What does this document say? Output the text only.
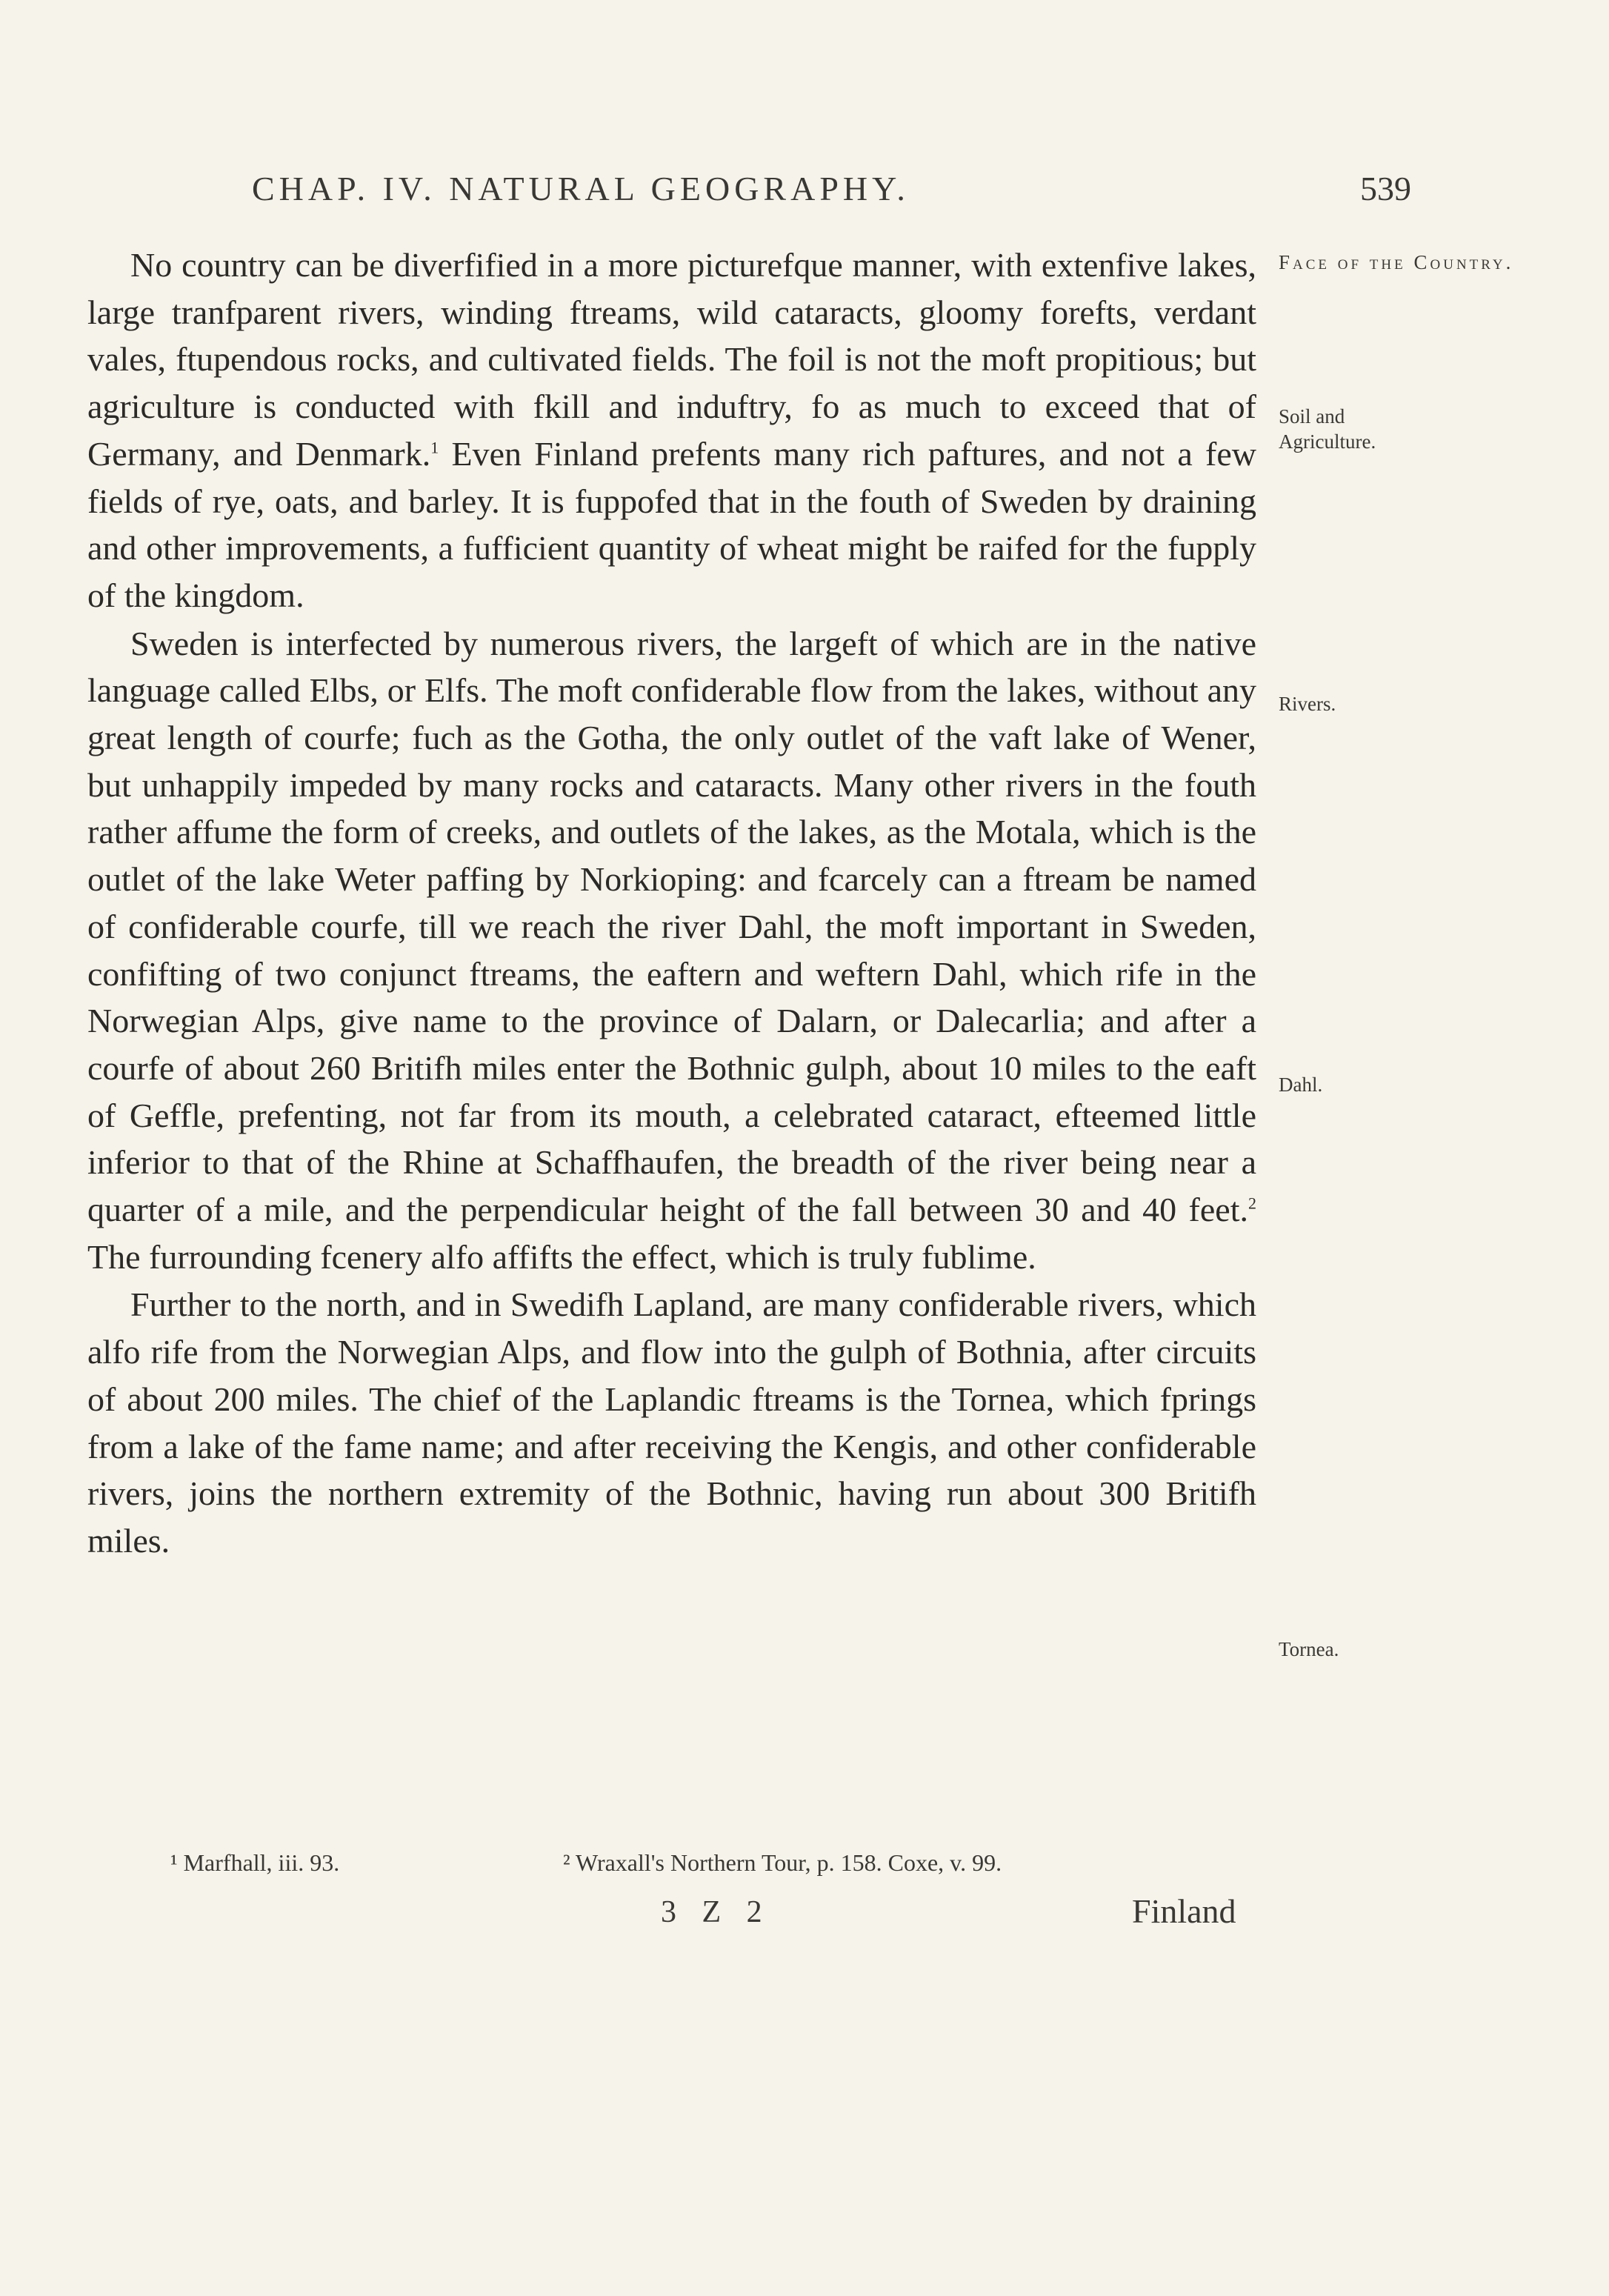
CHAP. IV. NATURAL GEOGRAPHY.	539

No country can be diverfified in a more picturefque manner, with extenfive lakes, large tranfparent rivers, winding ftreams, wild cataracts, gloomy forefts, verdant vales, ftupendous rocks, and cultivated fields. The foil is not the moft propitious; but agriculture is conducted with fkill and induftry, fo as much to exceed that of Germany, and Denmark.$^1$ Even Finland prefents many rich paftures, and not a few fields of rye, oats, and barley. It is fuppofed that in the fouth of Sweden by draining and other improvements, a fufficient quantity of wheat might be raifed for the fupply of the kingdom.

Sweden is interfected by numerous rivers, the largeft of which are in the native language called Elbs, or Elfs. The moft confiderable flow from the lakes, without any great length of courfe; fuch as the Gotha, the only outlet of the vaft lake of Wener, but unhappily impeded by many rocks and cataracts. Many other rivers in the fouth rather affume the form of creeks, and outlets of the lakes, as the Motala, which is the outlet of the lake Weter paffing by Norkioping: and fcarcely can a ftream be named of confiderable courfe, till we reach the river Dahl, the moft important in Sweden, confifting of two conjunct ftreams, the eaftern and weftern Dahl, which rife in the Norwegian Alps, give name to the province of Dalarn, or Dalecarlia; and after a courfe of about 260 Britifh miles enter the Bothnic gulph, about 10 miles to the eaft of Geffle, prefenting, not far from its mouth, a celebrated cataract, efteemed little inferior to that of the Rhine at Schaffhaufen, the breadth of the river being near a quarter of a mile, and the perpendicular height of the fall between 30 and 40 feet.$^2$ The furrounding fcenery alfo affifts the effect, which is truly fublime.

Further to the north, and in Swedifh Lapland, are many confiderable rivers, which alfo rife from the Norwegian Alps, and flow into the gulph of Bothnia, after circuits of about 200 miles. The chief of the Laplandic ftreams is the Tornea, which fprings from a lake of the fame name; and after receiving the Kengis, and other confiderable rivers, joins the northern extremity of the Bothnic, having run about 300 Britifh miles.

Face of the Country.
Soil and
Agriculture.
Rivers.
Dahl.
Tornea.
¹ Marfhall, iii. 93.	² Wraxall's Northern Tour, p. 158. Coxe, v. 99.
3 Z 2	Finland
